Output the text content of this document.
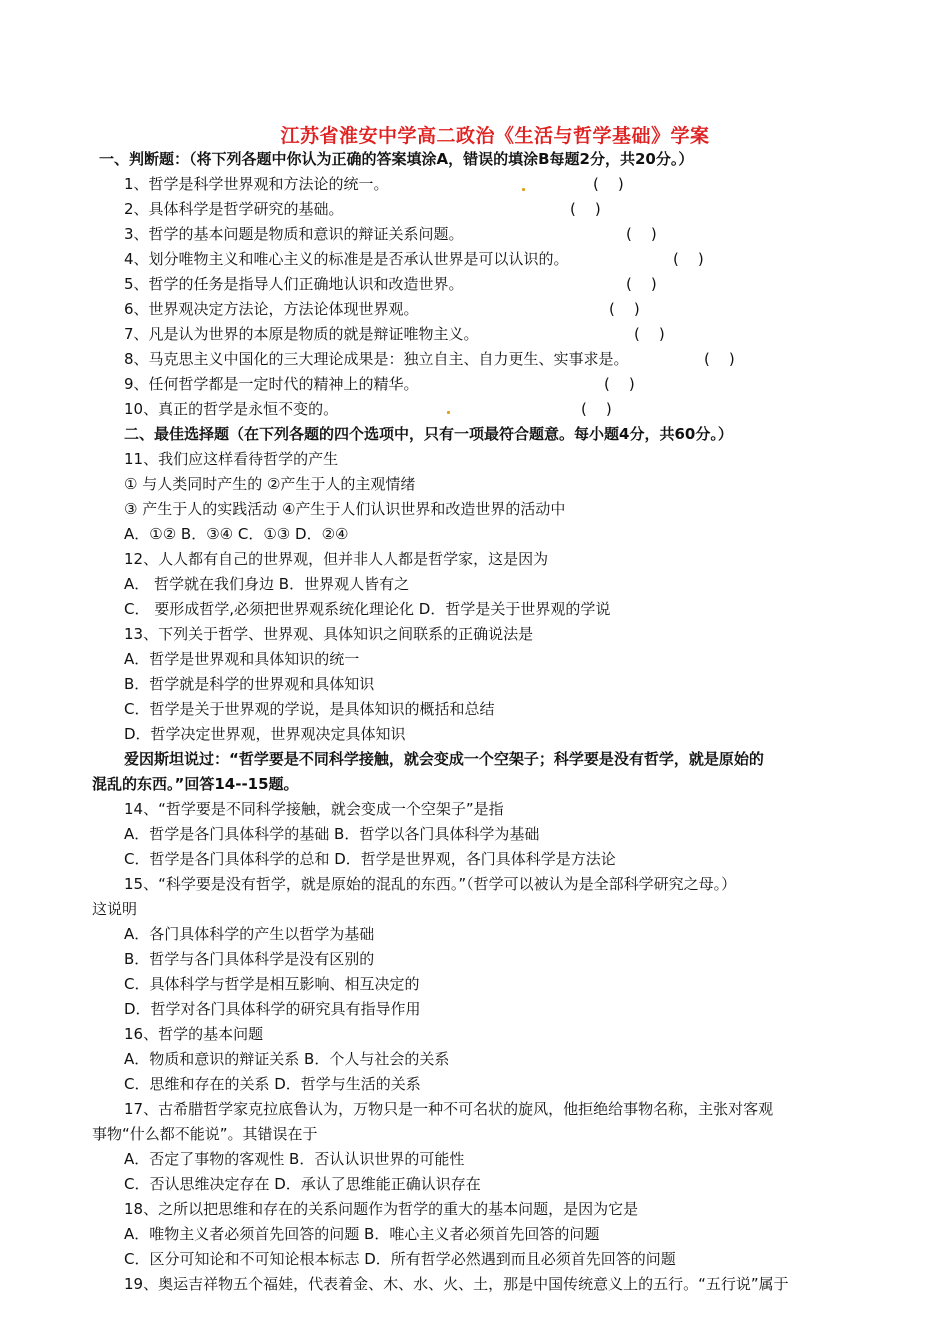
江苏省淮安中学高二政治《生活与哲学基础》学案
一、判断题：（将下列各题中你认为正确的答案填涂A，错误的填涂B每题2分，共20分。）
1、哲学是科学世界观和方法论的统一。	(    )
2、具体科学是哲学研究的基础。	(    )
3、哲学的基本问题是物质和意识的辩证关系问题。	(    )
4、划分唯物主义和唯心主义的标准是是否承认世界是可以认识的。	(    )
5、哲学的任务是指导人们正确地认识和改造世界。	(    )
6、世界观决定方法论，方法论体现世界观。	(    )
7、凡是认为世界的本原是物质的就是辩证唯物主义。	(    )
8、马克思主义中国化的三大理论成果是：独立自主、自力更生、实事求是。	(    )
9、任何哲学都是一定时代的精神上的精华。	(    )
10、真正的哲学是永恒不变的。	(    )
二、最佳选择题（在下列各题的四个选项中，只有一项最符合题意。每小题4分，共60分。）
11、我们应这样看待哲学的产生
① 与人类同时产生的 ②产生于人的主观情绪
③ 产生于人的实践活动 ④产生于人们认识世界和改造世界的活动中
A．①② B．③④ C．①③ D．②④
12、人人都有自己的世界观，但并非人人都是哲学家，这是因为
A． 哲学就在我们身边 B．世界观人皆有之
C． 要形成哲学,必须把世界观系统化理论化 D．哲学是关于世界观的学说
13、下列关于哲学、世界观、具体知识之间联系的正确说法是
A．哲学是世界观和具体知识的统一
B．哲学就是科学的世界观和具体知识
C．哲学是关于世界观的学说，是具体知识的概括和总结
D．哲学决定世界观，世界观决定具体知识
爱因斯坦说过：“哲学要是不同科学接触，就会变成一个空架子；科学要是没有哲学，就是原始的
混乱的东西。”回答14--15题。
14、“哲学要是不同科学接触，就会变成一个空架子”是指
A．哲学是各门具体科学的基础 B．哲学以各门具体科学为基础
C．哲学是各门具体科学的总和 D．哲学是世界观，各门具体科学是方法论
15、“科学要是没有哲学，就是原始的混乱的东西。”（哲学可以被认为是全部科学研究之母。）
这说明
A．各门具体科学的产生以哲学为基础
B．哲学与各门具体科学是没有区别的
C．具体科学与哲学是相互影响、相互决定的
D．哲学对各门具体科学的研究具有指导作用
16、哲学的基本问题
A．物质和意识的辩证关系 B．个人与社会的关系
C．思维和存在的关系 D．哲学与生活的关系
17、古希腊哲学家克拉底鲁认为，万物只是一种不可名状的旋风，他拒绝给事物名称，主张对客观
事物“什么都不能说”。其错误在于
A．否定了事物的客观性 B．否认认识世界的可能性
C．否认思维决定存在 D．承认了思维能正确认识存在
18、之所以把思维和存在的关系问题作为哲学的重大的基本问题，是因为它是
A．唯物主义者必须首先回答的问题 B．唯心主义者必须首先回答的问题
C．区分可知论和不可知论根本标志 D．所有哲学必然遇到而且必须首先回答的问题
19、奥运吉祥物五个福娃，代表着金、木、水、火、土，那是中国传统意义上的五行。“五行说”属于
